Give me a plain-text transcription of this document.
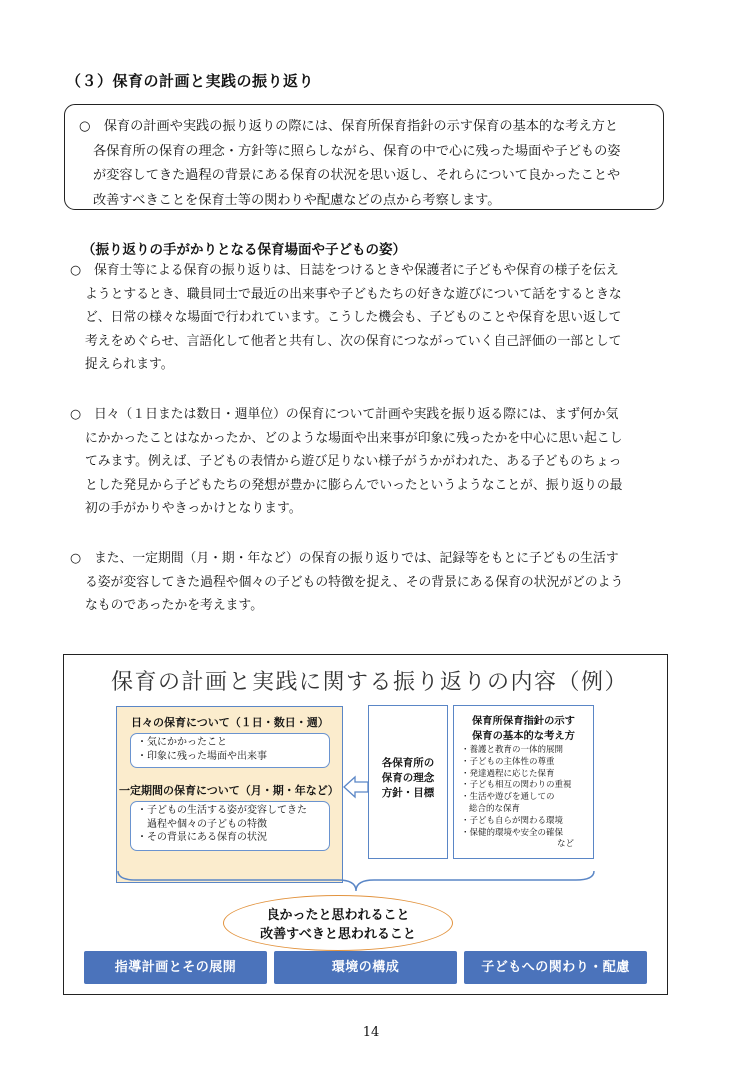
（３）保育の計画と実践の振り返り
○　保育の計画や実践の振り返りの際には、保育所保育指針の示す保育の基本的な考え方と
各保育所の保育の理念・方針等に照らしながら、保育の中で心に残った場面や子どもの姿
が変容してきた過程の背景にある保育の状況を思い返し、それらについて良かったことや
改善すべきことを保育士等の関わりや配慮などの点から考察します。
（振り返りの手がかりとなる保育場面や子どもの姿）
○　保育士等による保育の振り返りは、日誌をつけるときや保護者に子どもや保育の様子を伝え
ようとするとき、職員同士で最近の出来事や子どもたちの好きな遊びについて話をするときな
ど、日常の様々な場面で行われています。こうした機会も、子どものことや保育を思い返して
考えをめぐらせ、言語化して他者と共有し、次の保育につながっていく自己評価の一部として
捉えられます。
○　日々（１日または数日・週単位）の保育について計画や実践を振り返る際には、まず何か気
にかかったことはなかったか、どのような場面や出来事が印象に残ったかを中心に思い起こし
てみます。例えば、子どもの表情から遊び足りない様子がうかがわれた、ある子どものちょっ
とした発見から子どもたちの発想が豊かに膨らんでいったというようなことが、振り返りの最
初の手がかりやきっかけとなります。
○　また、一定期間（月・期・年など）の保育の振り返りでは、記録等をもとに子どもの生活す
る姿が変容してきた過程や個々の子どもの特徴を捉え、その背景にある保育の状況がどのよう
なものであったかを考えます。
保育の計画と実践に関する振り返りの内容（例）
日々の保育について（１日・数日・週）
・気にかかったこと
・印象に残った場面や出来事
一定期間の保育について（月・期・年など）
・子どもの生活する姿が変容してきた
　過程や個々の子どもの特徴
・その背景にある保育の状況
各保育所の
保育の理念
方針・目標
保育所保育指針の示す
保育の基本的な考え方
・養護と教育の一体的展開
・子どもの主体性の尊重
・発達過程に応じた保育
・子ども相互の関わりの重視
・生活や遊びを通しての
総合的な保育
・子ども自らが関わる環境
・保健的環境や安全の確保
など
良かったと思われること
改善すべきと思われること
指導計画とその展開	環境の構成	子どもへの関わり・配慮
14
